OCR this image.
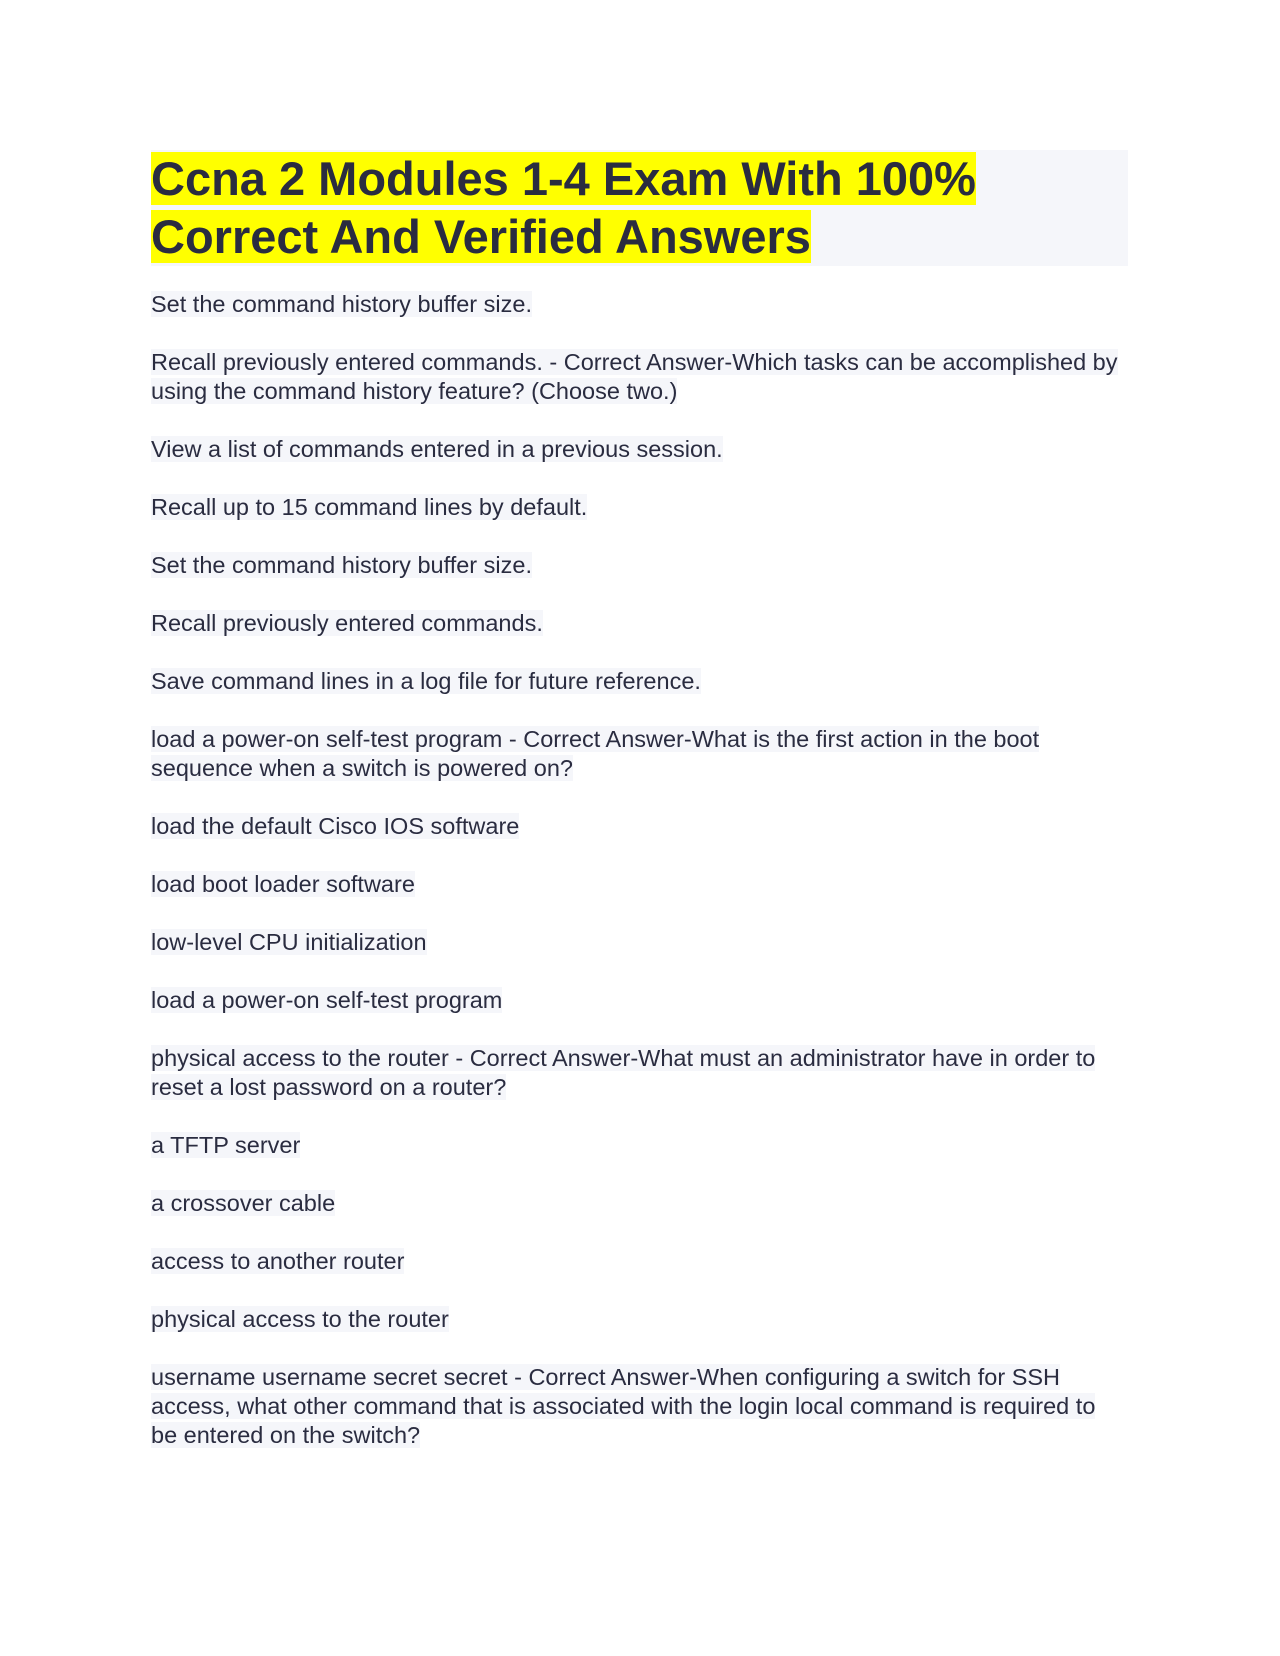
Ccna 2 Modules 1-4 Exam With 100% Correct And Verified Answers

Set the command history buffer size.

Recall previously entered commands. - Correct Answer-Which tasks can be accomplished by using the command history feature? (Choose two.)

View a list of commands entered in a previous session.

Recall up to 15 command lines by default.

Set the command history buffer size.

Recall previously entered commands.

Save command lines in a log file for future reference.

load a power-on self-test program - Correct Answer-What is the first action in the boot sequence when a switch is powered on?

load the default Cisco IOS software

load boot loader software

low-level CPU initialization

load a power-on self-test program

physical access to the router - Correct Answer-What must an administrator have in order to reset a lost password on a router?

a TFTP server

a crossover cable

access to another router

physical access to the router

username username secret secret - Correct Answer-When configuring a switch for SSH access, what other command that is associated with the login local command is required to be entered on the switch?
